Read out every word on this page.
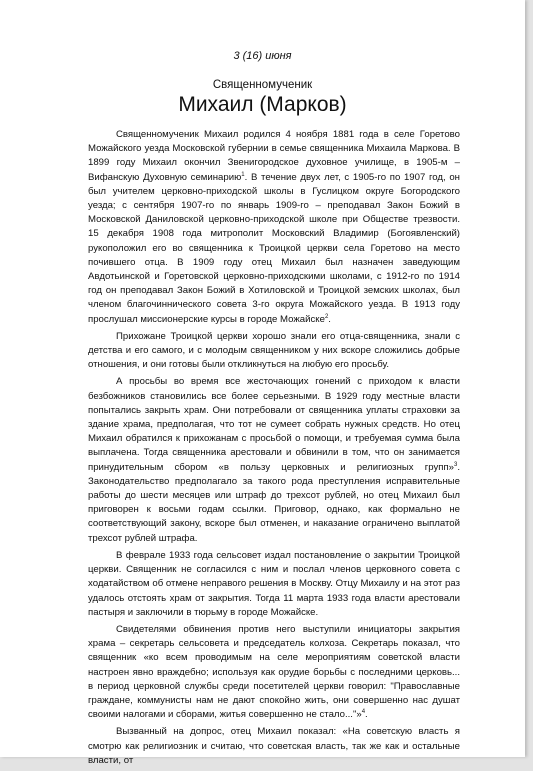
3 (16) июня
Священномученик
Михаил (Марков)

Священномученик Михаил родился 4 ноября 1881 года в селе Горетово Можайского уезда Московской губернии в семье священника Михаила Маркова. В 1899 году Михаил окончил Звенигородское духовное училище, в 1905-м – Вифанскую Духовную семинарию$^1$. В течение двух лет, с 1905-го по 1907 год, он был учителем церковно-приходской школы в Гуслицком округе Богородского уезда; с сентября 1907-го по январь 1909-го – преподавал Закон Божий в Московской Даниловской церковно-приходской школе при Обществе трезвости. 15 декабря 1908 года митрополит Московский Владимир (Богоявленский) рукоположил его во священника к Троицкой церкви села Горетово на место почившего отца. В 1909 году отец Михаил был назначен заведующим Авдотьинской и Горетовской церковно-приходскими школами, с 1912-го по 1914 год он преподавал Закон Божий в Хотиловской и Троицкой земских школах, был членом благочиннического совета 3-го округа Можайского уезда. В 1913 году прослушал миссионерские курсы в городе Можайске$^2$.

Прихожане Троицкой церкви хорошо знали его отца-священника, знали с детства и его самого, и с молодым священником у них вскоре сложились добрые отношения, и они готовы были откликнуться на любую его просьбу.

А просьбы во время все жесточающих гонений с приходом к власти безбожников становились все более серьезными. В 1929 году местные власти попытались закрыть храм. Они потребовали от священника уплаты страховки за здание храма, предполагая, что тот не сумеет собрать нужных средств. Но отец Михаил обратился к прихожанам с просьбой о помощи, и требуемая сумма была выплачена. Тогда священника арестовали и обвинили в том, что он занимается принудительным сбором «в пользу церковных и религиозных групп»$^3$. Законодательство предполагало за такого рода преступления исправительные работы до шести месяцев или штраф до трехсот рублей, но отец Михаил был приговорен к восьми годам ссылки. Приговор, однако, как формально не соответствующий закону, вскоре был отменен, и наказание ограничено выплатой трехсот рублей штрафа.

В феврале 1933 года сельсовет издал постановление о закрытии Троицкой церкви. Священник не согласился с ним и послал членов церковного совета с ходатайством об отмене неправого решения в Москву. Отцу Михаилу и на этот раз удалось отстоять храм от закрытия. Тогда 11 марта 1933 года власти арестовали пастыря и заключили в тюрьму в городе Можайске.

Свидетелями обвинения против него выступили инициаторы закрытия храма – секретарь сельсовета и председатель колхоза. Секретарь показал, что священник «ко всем проводимым на селе мероприятиям советской власти настроен явно враждебно; используя как орудие борьбы с последними церковь... в период церковной службы среди посетителей церкви говорил: "Православные граждане, коммунисты нам не дают спокойно жить, они совершенно нас душат своими налогами и сборами, житья совершенно не стало..."»$^4$.

Вызванный на допрос, отец Михаил показал: «На советскую власть я смотрю как религиозник и считаю, что советская власть, так же как и остальные власти, от
